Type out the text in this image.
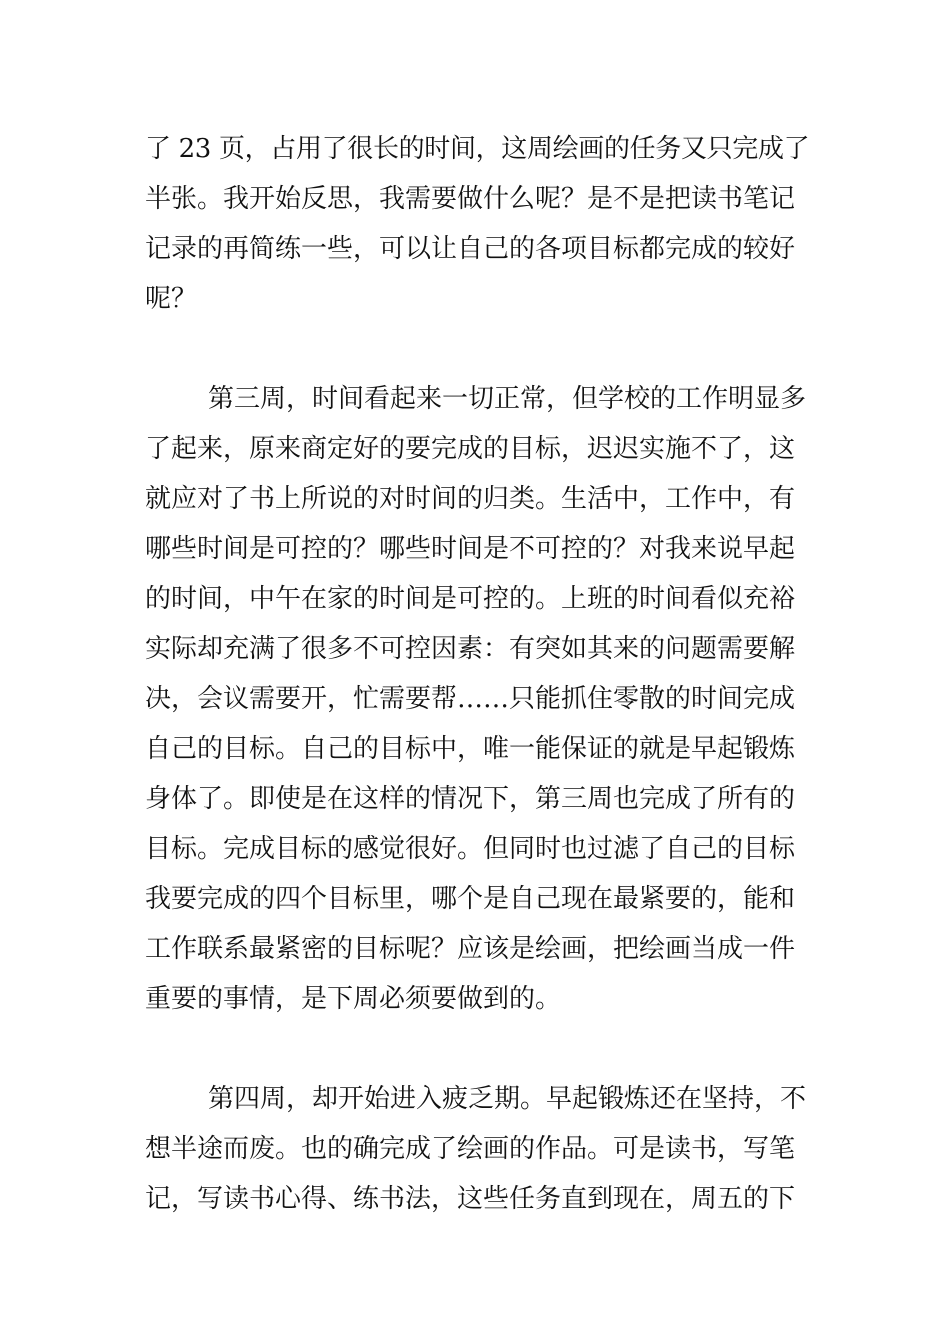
了 23 页，占用了很长的时间，这周绘画的任务又只完成了
半张。我开始反思，我需要做什么呢？是不是把读书笔记
记录的再简练一些，可以让自己的各项目标都完成的较好
呢？
第三周，时间看起来一切正常，但学校的工作明显多
了起来，原来商定好的要完成的目标，迟迟实施不了，这
就应对了书上所说的对时间的归类。生活中，工作中，有
哪些时间是可控的？哪些时间是不可控的？对我来说早起
的时间，中午在家的时间是可控的。上班的时间看似充裕
实际却充满了很多不可控因素：有突如其来的问题需要解
决，会议需要开，忙需要帮……只能抓住零散的时间完成
自己的目标。自己的目标中，唯一能保证的就是早起锻炼
身体了。即使是在这样的情况下，第三周也完成了所有的
目标。完成目标的感觉很好。但同时也过滤了自己的目标
我要完成的四个目标里，哪个是自己现在最紧要的，能和
工作联系最紧密的目标呢？应该是绘画，把绘画当成一件
重要的事情，是下周必须要做到的。
第四周，却开始进入疲乏期。早起锻炼还在坚持，不
想半途而废。也的确完成了绘画的作品。可是读书，写笔
记，写读书心得、练书法，这些任务直到现在，周五的下
